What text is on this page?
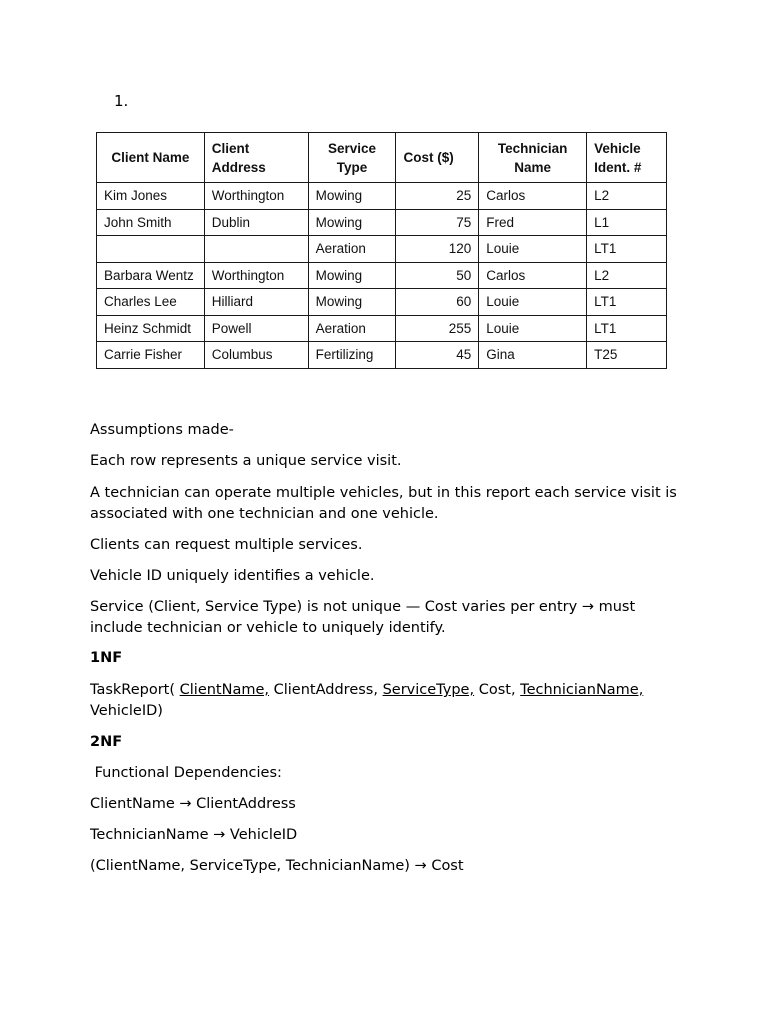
1.
Client Name	Client Address	Service Type	Cost ($)	Technician Name	Vehicle Ident. #
Kim Jones	Worthington	Mowing	25	Carlos	L2
John Smith	Dublin	Mowing	75	Fred	L1
		Aeration	120	Louie	LT1
Barbara Wentz	Worthington	Mowing	50	Carlos	L2
Charles Lee	Hilliard	Mowing	60	Louie	LT1
Heinz Schmidt	Powell	Aeration	255	Louie	LT1
Carrie Fisher	Columbus	Fertilizing	45	Gina	T25
Assumptions made-
Each row represents a unique service visit.
A technician can operate multiple vehicles, but in this report each service visit is associated with one technician and one vehicle.
Clients can request multiple services.
Vehicle ID uniquely identifies a vehicle.
Service (Client, Service Type) is not unique — Cost varies per entry → must include technician or vehicle to uniquely identify.
1NF
TaskReport( ClientName, ClientAddress, ServiceType, Cost, TechnicianName, VehicleID)
2NF
Functional Dependencies:
ClientName → ClientAddress
TechnicianName → VehicleID
(ClientName, ServiceType, TechnicianName) → Cost
